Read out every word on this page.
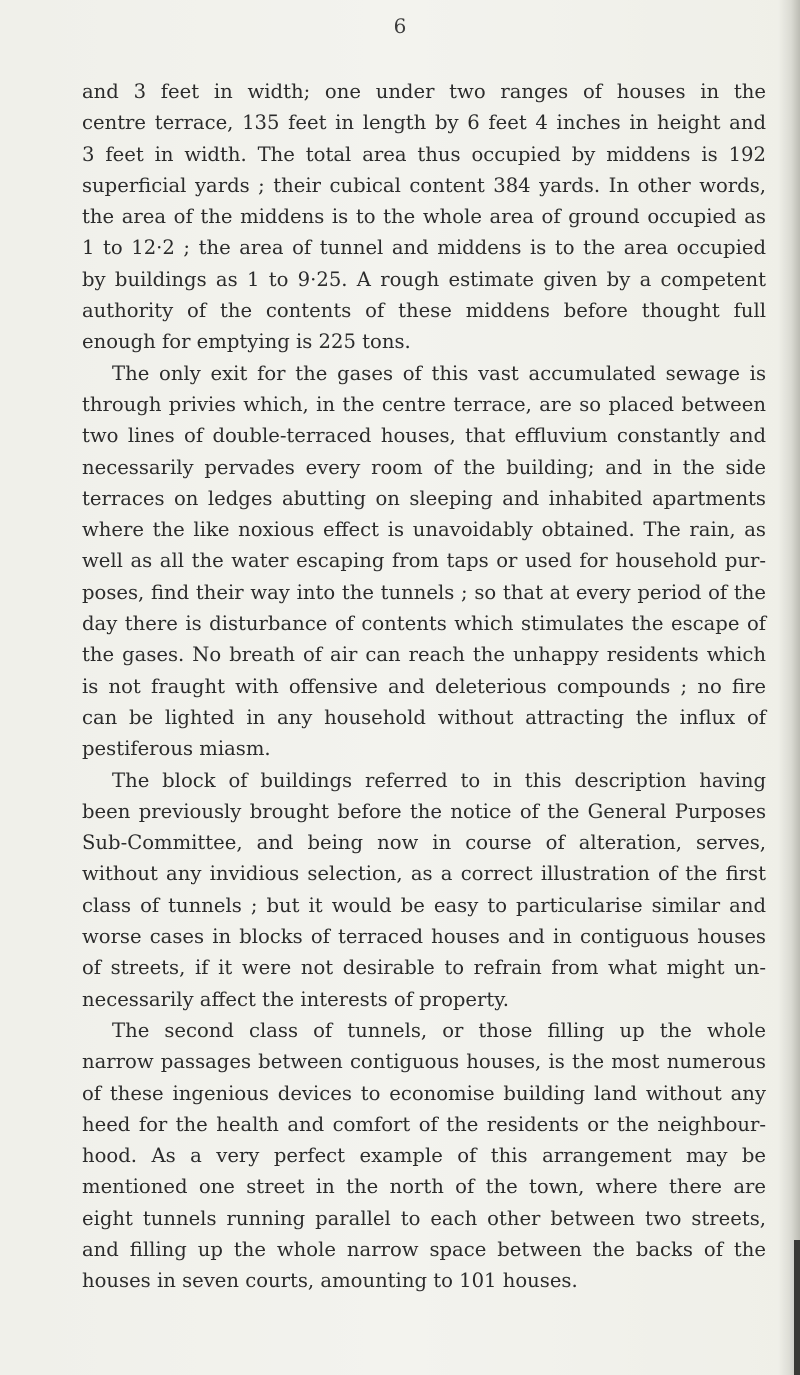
6
and 3 feet in width; one under two ranges of houses in the
centre terrace, 135 feet in length by 6 feet 4 inches in height and
3 feet in width. The total area thus occupied by middens is 192
superficial yards ; their cubical content 384 yards. In other words,
the area of the middens is to the whole area of ground occupied as
1 to 12·2 ; the area of tunnel and middens is to the area occupied
by buildings as 1 to 9·25. A rough estimate given by a competent
authority of the contents of these middens before thought full
enough for emptying is 225 tons.
The only exit for the gases of this vast accumulated sewage is
through privies which, in the centre terrace, are so placed between
two lines of double-terraced houses, that effluvium constantly and
necessarily pervades every room of the building; and in the side
terraces on ledges abutting on sleeping and inhabited apartments
where the like noxious effect is unavoidably obtained. The rain, as
well as all the water escaping from taps or used for household pur-
poses, find their way into the tunnels ; so that at every period of the
day there is disturbance of contents which stimulates the escape of
the gases. No breath of air can reach the unhappy residents which
is not fraught with offensive and deleterious compounds ; no fire
can be lighted in any household without attracting the influx of
pestiferous miasm.
The block of buildings referred to in this description having
been previously brought before the notice of the General Purposes
Sub-Committee, and being now in course of alteration, serves,
without any invidious selection, as a correct illustration of the first
class of tunnels ; but it would be easy to particularise similar and
worse cases in blocks of terraced houses and in contiguous houses
of streets, if it were not desirable to refrain from what might un-
necessarily affect the interests of property.
The second class of tunnels, or those filling up the whole
narrow passages between contiguous houses, is the most numerous
of these ingenious devices to economise building land without any
heed for the health and comfort of the residents or the neighbour-
hood. As a very perfect example of this arrangement may be
mentioned one street in the north of the town, where there are
eight tunnels running parallel to each other between two streets,
and filling up the whole narrow space between the backs of the
houses in seven courts, amounting to 101 houses.
